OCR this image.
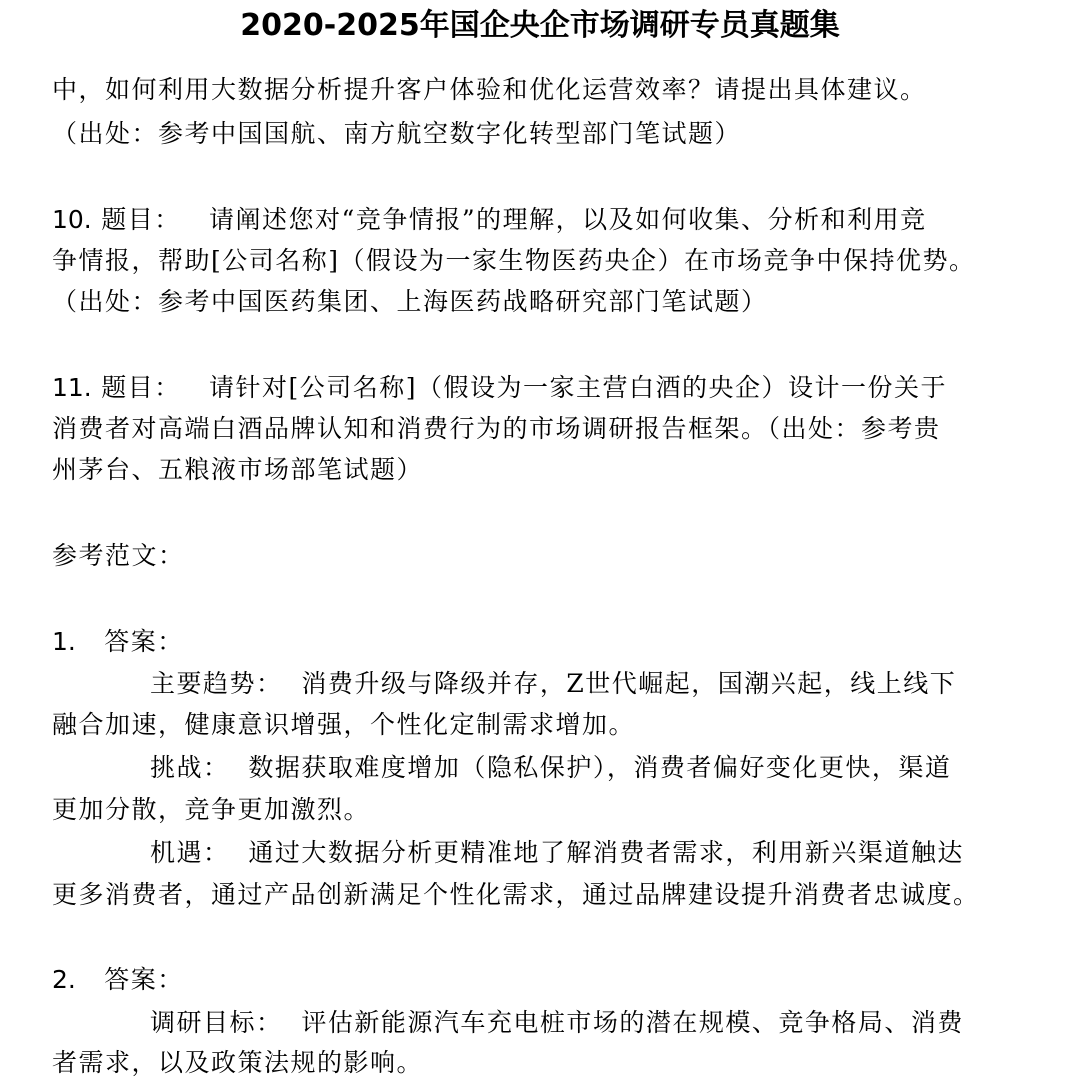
2020-2025年国企央企市场调研专员真题集
中，如何利用大数据分析提升客户体验和优化运营效率？请提出具体建议。
（出处：参考中国国航、南方航空数字化转型部门笔试题）
10. 题目：   请阐述您对“竞争情报”的理解，以及如何收集、分析和利用竞
争情报，帮助[公司名称]（假设为一家生物医药央企）在市场竞争中保持优势。
（出处：参考中国医药集团、上海医药战略研究部门笔试题）
11. 题目：   请针对[公司名称]（假设为一家主营白酒的央企）设计一份关于
消费者对高端白酒品牌认知和消费行为的市场调研报告框架。（出处：参考贵
州茅台、五粮液市场部笔试题）
参考范文：
1.   答案：
主要趋势：  消费升级与降级并存，Z世代崛起，国潮兴起，线上线下
融合加速，健康意识增强，个性化定制需求增加。
挑战：  数据获取难度增加（隐私保护），消费者偏好变化更快，渠道
更加分散，竞争更加激烈。
机遇：  通过大数据分析更精准地了解消费者需求，利用新兴渠道触达
更多消费者，通过产品创新满足个性化需求，通过品牌建设提升消费者忠诚度。
2.   答案：
调研目标：  评估新能源汽车充电桩市场的潜在规模、竞争格局、消费
者需求，以及政策法规的影响。
